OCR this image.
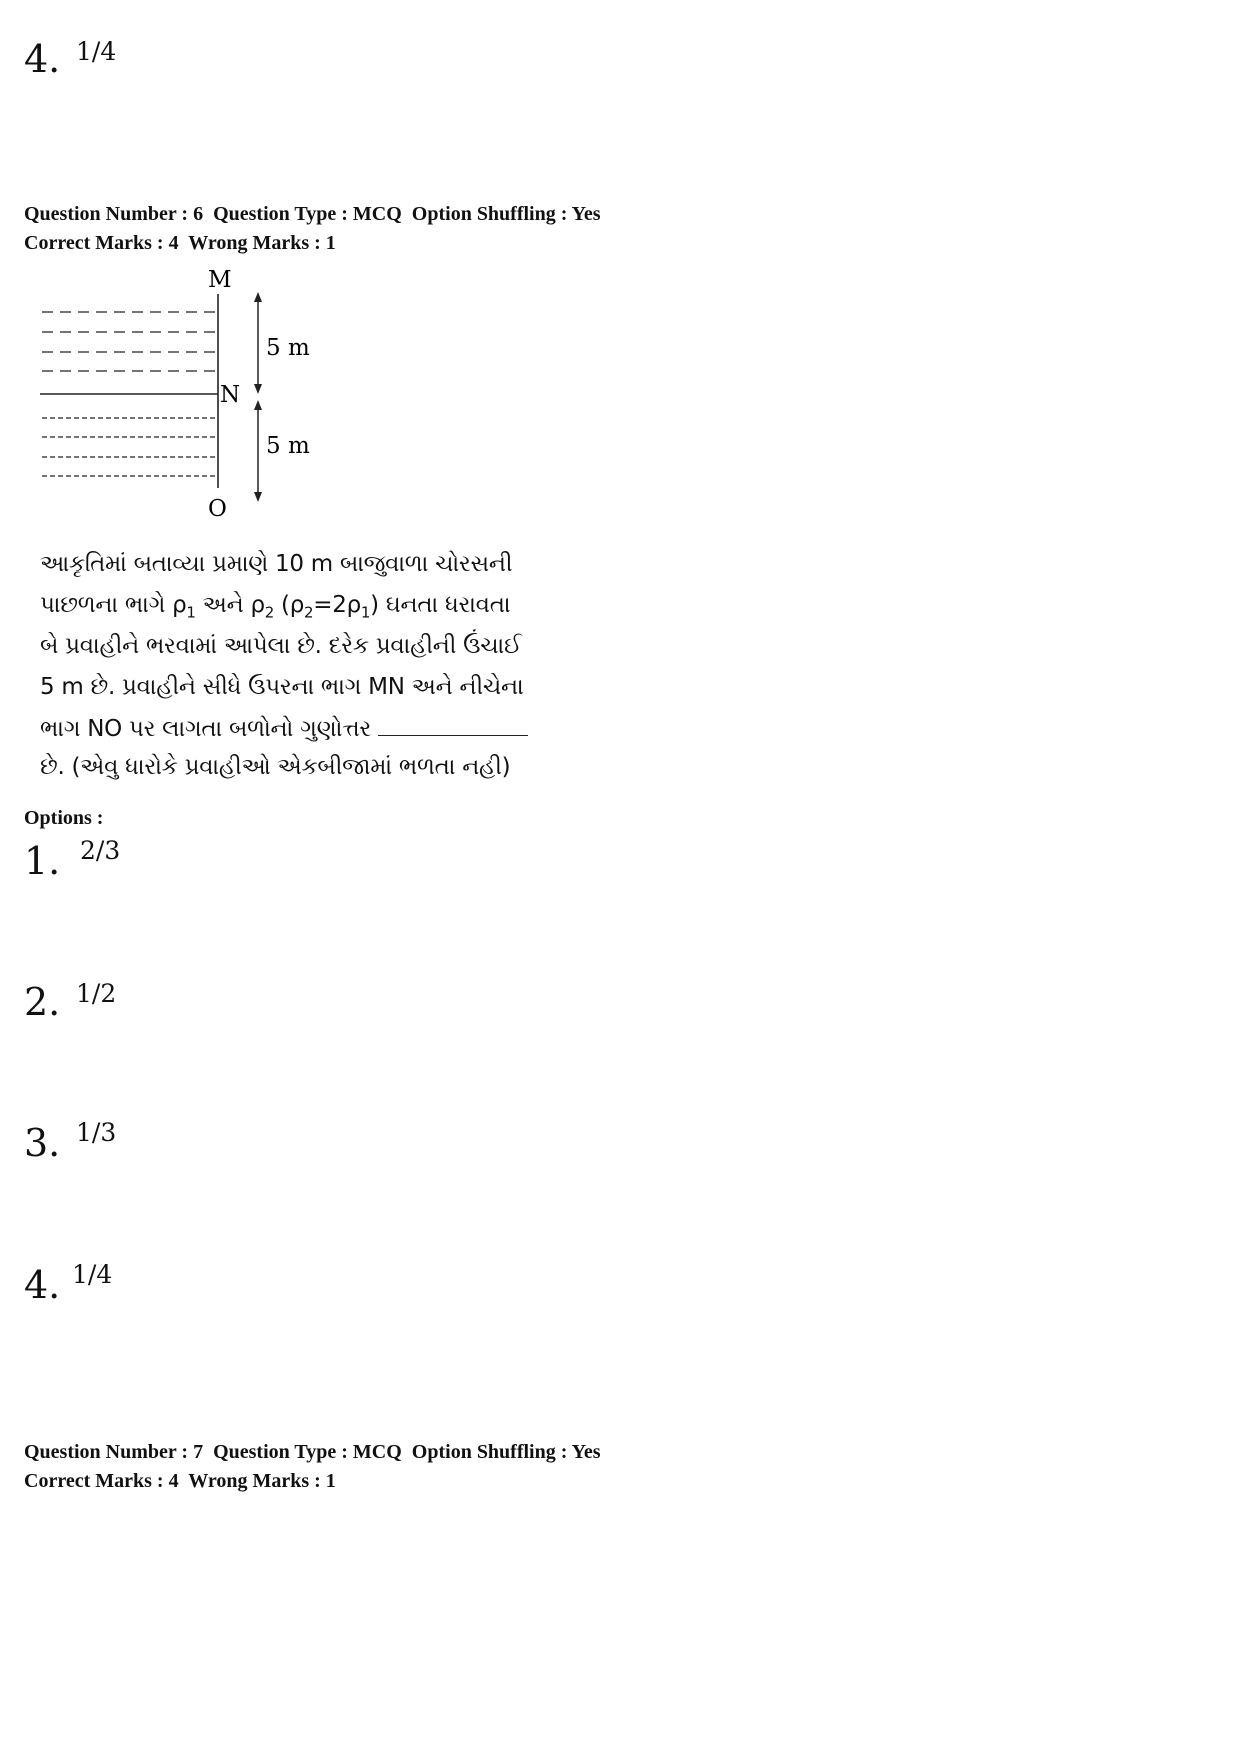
4. 1/4
Question Number : 6  Question Type : MCQ  Option Shuffling : Yes
Correct Marks : 4  Wrong Marks : 1
M
N
O
5 m
5 m
આકૃતિમાં બતાવ્યા પ્રમાણે 10 m બાજુવાળા ચોરસની
પાછળના ભાગે $\rho_1$ અને $\rho_2$ $(\rho_2=2\rho_1)$ ઘનતા ધરાવતા
બે પ્રવાહીને ભરવામાં આપેલા છે. દરેક પ્રવાહીની ઉંચાઈ
5 m છે. પ્રવાહીને સીધે ઉપરના ભાગ MN અને નીચેના
ભાગ NO પર લાગતા બળોનો ગુણોત્તર
છે. (એવુ ધારોકે પ્રવાહીઓ એકબીજામાં ભળતા નહી)
Options :
1. 2/3
2. 1/2
3. 1/3
4. 1/4
Question Number : 7  Question Type : MCQ  Option Shuffling : Yes
Correct Marks : 4  Wrong Marks : 1
